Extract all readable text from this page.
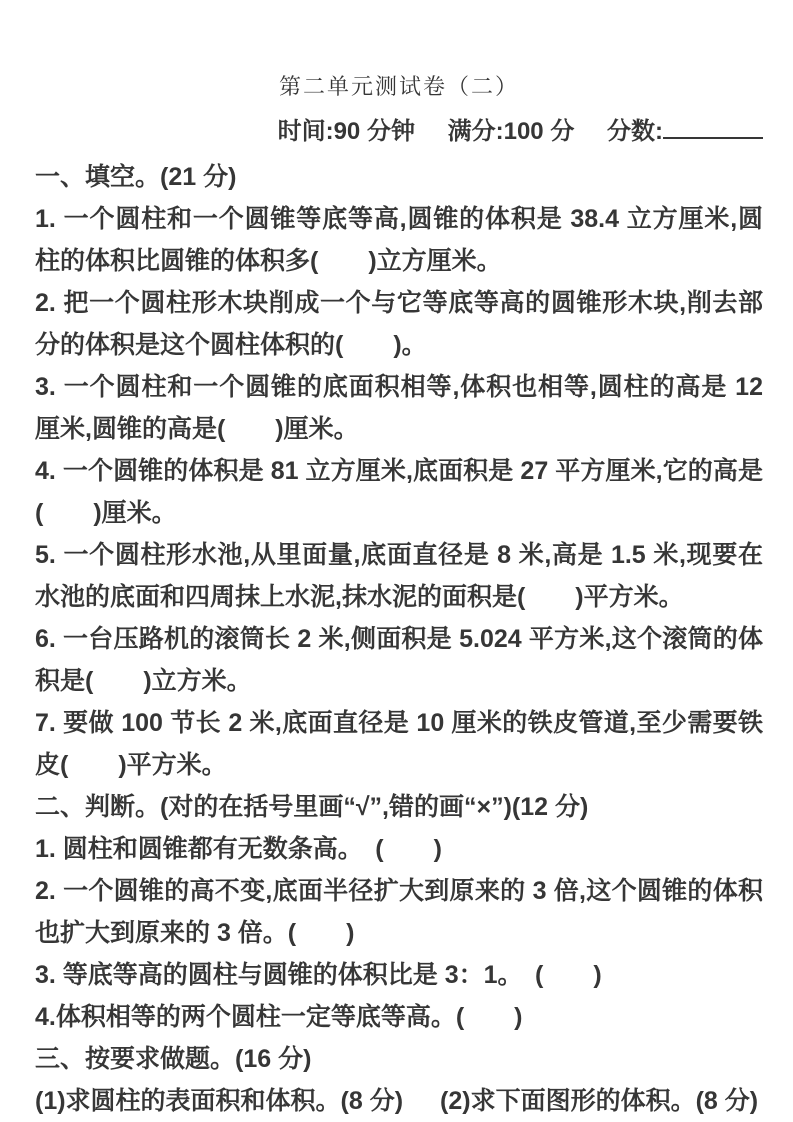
第二单元测试卷（二）
时间:90 分钟 满分:100 分 分数:

一、填空。(21 分)

1. 一个圆柱和一个圆锥等底等高,圆锥的体积是 38.4 立方厘米,圆柱的体积比圆锥的体积多(　　)立方厘米。

2. 把一个圆柱形木块削成一个与它等底等高的圆锥形木块,削去部分的体积是这个圆柱体积的(　　)。

3. 一个圆柱和一个圆锥的底面积相等,体积也相等,圆柱的高是 12 厘米,圆锥的高是(　　)厘米。

4. 一个圆锥的体积是 81 立方厘米,底面积是 27 平方厘米,它的高是(　　)厘米。

5. 一个圆柱形水池,从里面量,底面直径是 8 米,高是 1.5 米,现要在水池的底面和四周抹上水泥,抹水泥的面积是(　　)平方米。

6. 一台压路机的滚筒长 2 米,侧面积是 5.024 平方米,这个滚筒的体积是(　　)立方米。

7. 要做 100 节长 2 米,底面直径是 10 厘米的铁皮管道,至少需要铁皮(　　)平方米。

二、判断。(对的在括号里画“√”,错的画“×”)(12 分)

1. 圆柱和圆锥都有无数条高。　(　　)

2. 一个圆锥的高不变,底面半径扩大到原来的 3 倍,这个圆锥的体积也扩大到原来的 3 倍。(　　)

3. 等底等高的圆柱与圆锥的体积比是 3：1。　(　　)

4.体积相等的两个圆柱一定等底等高。(　　)

三、按要求做题。(16 分)

(1)求圆柱的表面积和体积。(8 分) (2)求下面图形的体积。(8 分)
